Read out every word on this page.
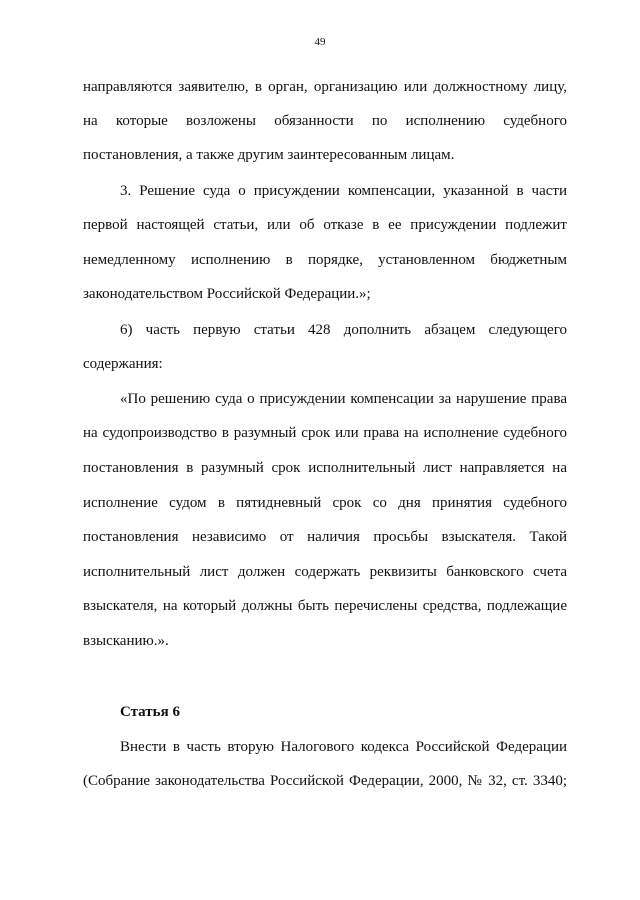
49
направляются заявителю, в орган, организацию или должностному лицу,
на которые возложены обязанности по исполнению судебного
постановления, а также другим заинтересованным лицам.
3. Решение суда о присуждении компенсации, указанной в части
первой настоящей статьи, или об отказе в ее присуждении подлежит
немедленному исполнению в порядке, установленном бюджетным
законодательством Российской Федерации.»;
6) часть первую статьи 428 дополнить абзацем следующего
содержания:
«По решению суда о присуждении компенсации за нарушение права
на судопроизводство в разумный срок или права на исполнение судебного
постановления в разумный срок исполнительный лист направляется на
исполнение судом в пятидневный срок со дня принятия судебного
постановления независимо от наличия просьбы взыскателя. Такой
исполнительный лист должен содержать реквизиты банковского счета
взыскателя, на который должны быть перечислены средства, подлежащие
взысканию.».
Статья 6
Внести в часть вторую Налогового кодекса Российской Федерации
(Собрание законодательства Российской Федерации, 2000, № 32, ст. 3340;
